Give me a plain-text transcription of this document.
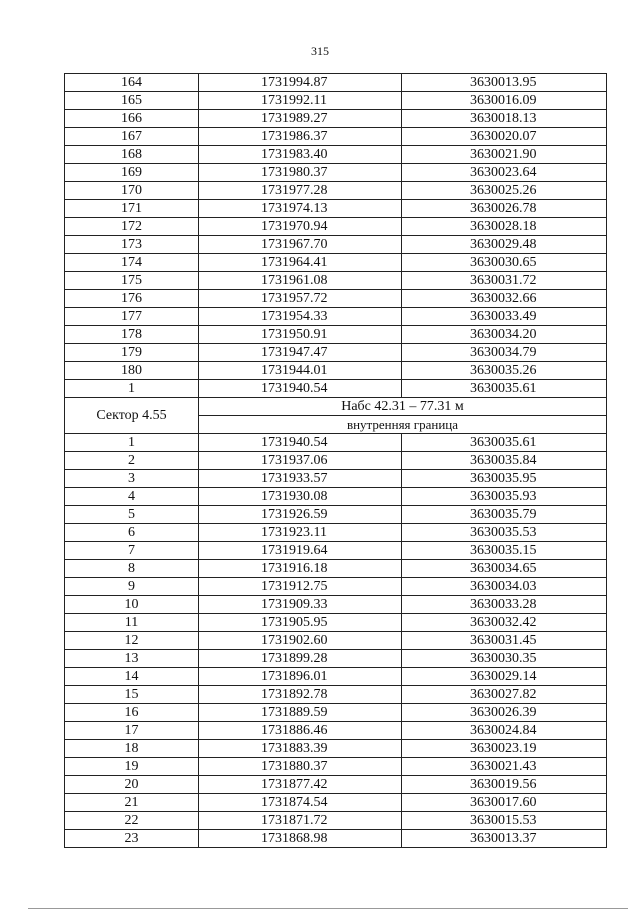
315
164	1731994.87	3630013.95
165	1731992.11	3630016.09
166	1731989.27	3630018.13
167	1731986.37	3630020.07
168	1731983.40	3630021.90
169	1731980.37	3630023.64
170	1731977.28	3630025.26
171	1731974.13	3630026.78
172	1731970.94	3630028.18
173	1731967.70	3630029.48
174	1731964.41	3630030.65
175	1731961.08	3630031.72
176	1731957.72	3630032.66
177	1731954.33	3630033.49
178	1731950.91	3630034.20
179	1731947.47	3630034.79
180	1731944.01	3630035.26
1	1731940.54	3630035.61
Сектор 4.55	Набс 42.31 – 77.31 м	
	внутренняя граница	
1	1731940.54	3630035.61
2	1731937.06	3630035.84
3	1731933.57	3630035.95
4	1731930.08	3630035.93
5	1731926.59	3630035.79
6	1731923.11	3630035.53
7	1731919.64	3630035.15
8	1731916.18	3630034.65
9	1731912.75	3630034.03
10	1731909.33	3630033.28
11	1731905.95	3630032.42
12	1731902.60	3630031.45
13	1731899.28	3630030.35
14	1731896.01	3630029.14
15	1731892.78	3630027.82
16	1731889.59	3630026.39
17	1731886.46	3630024.84
18	1731883.39	3630023.19
19	1731880.37	3630021.43
20	1731877.42	3630019.56
21	1731874.54	3630017.60
22	1731871.72	3630015.53
23	1731868.98	3630013.37
